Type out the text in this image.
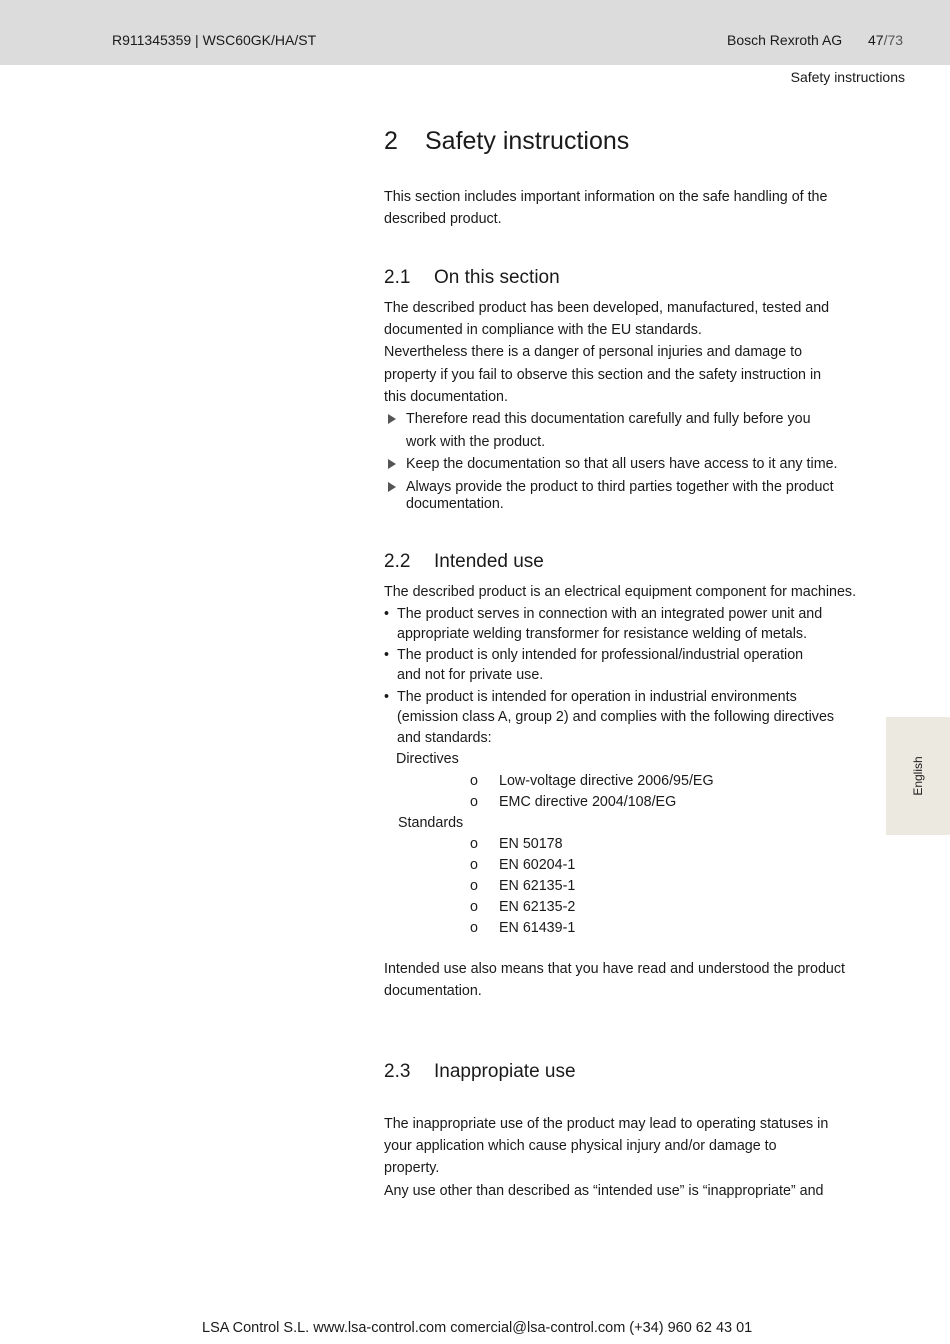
R911345359 | WSC60GK/HA/ST	Bosch Rexroth AG 47/73
Safety instructions
English
2 Safety instructions
This section includes important information on the safe handling of the
described product.
2.1 On this section
The described product has been developed, manufactured, tested and
documented in compliance with the EU standards.
Nevertheless there is a danger of personal injuries and damage to
property if you fail to observe this section and the safety instruction in
this documentation.
Therefore read this documentation carefully and fully before you
work with the product.
Keep the documentation so that all users have access to it any time.
Always provide the product to third parties together with the product
documentation.
2.2 Intended use
The described product is an electrical equipment component for machines.
• The product serves in connection with an integrated power unit and
appropriate welding transformer for resistance welding of metals.
• The product is only intended for professional/industrial operation
and not for private use.
• The product is intended for operation in industrial environments
(emission class A, group 2) and complies with the following directives
and standards:
Directives
o Low-voltage directive 2006/95/EG
o EMC directive 2004/108/EG
Standards
o EN 50178
o EN 60204-1
o EN 62135-1
o EN 62135-2
o EN 61439-1
Intended use also means that you have read and understood the product
documentation.
2.3 Inappropiate use
The inappropriate use of the product may lead to operating statuses in
your application which cause physical injury and/or damage to
property.
Any use other than described as “intended use” is “inappropriate” and
LSA Control S.L. www.lsa-control.com comercial@lsa-control.com (+34) 960 62 43 01
